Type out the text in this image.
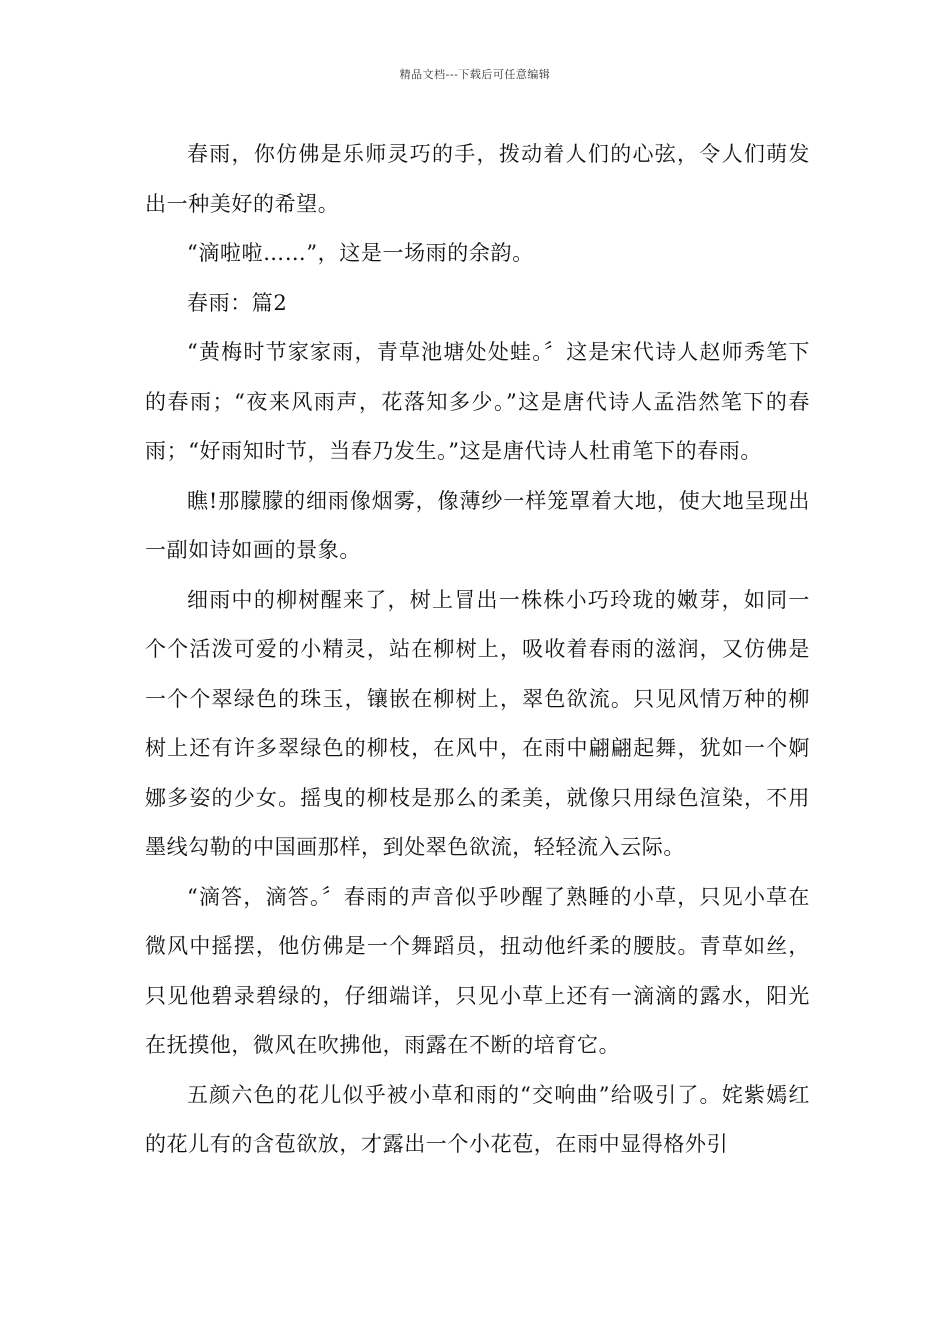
精品文档---下载后可任意编辑

春雨，你仿佛是乐师灵巧的手，拨动着人们的心弦，令人们萌发出一种美好的希望。

“滴啦啦……”，这是一场雨的余韵。

春雨：篇2

“黄梅时节家家雨，青草池塘处处蛙。〞这是宋代诗人赵师秀笔下的春雨；“夜来风雨声，花落知多少。”这是唐代诗人孟浩然笔下的春雨；“好雨知时节，当春乃发生。”这是唐代诗人杜甫笔下的春雨。

瞧!那朦朦的细雨像烟雾，像薄纱一样笼罩着大地，使大地呈现出一副如诗如画的景象。

细雨中的柳树醒来了，树上冒出一株株小巧玲珑的嫩芽，如同一个个活泼可爱的小精灵，站在柳树上，吸收着春雨的滋润，又仿佛是一个个翠绿色的珠玉，镶嵌在柳树上，翠色欲流。只见风情万种的柳树上还有许多翠绿色的柳枝，在风中，在雨中翩翩起舞，犹如一个婀娜多姿的少女。摇曳的柳枝是那么的柔美，就像只用绿色渲染，不用墨线勾勒的中国画那样，到处翠色欲流，轻轻流入云际。

“滴答，滴答。〞春雨的声音似乎吵醒了熟睡的小草，只见小草在微风中摇摆，他仿佛是一个舞蹈员，扭动他纤柔的腰肢。青草如丝，只见他碧录碧绿的，仔细端详，只见小草上还有一滴滴的露水，阳光在抚摸他，微风在吹拂他，雨露在不断的培育它。

五颜六色的花儿似乎被小草和雨的“交响曲”给吸引了。姹紫嫣红的花儿有的含苞欲放，才露出一个小花苞，在雨中显得格外引
